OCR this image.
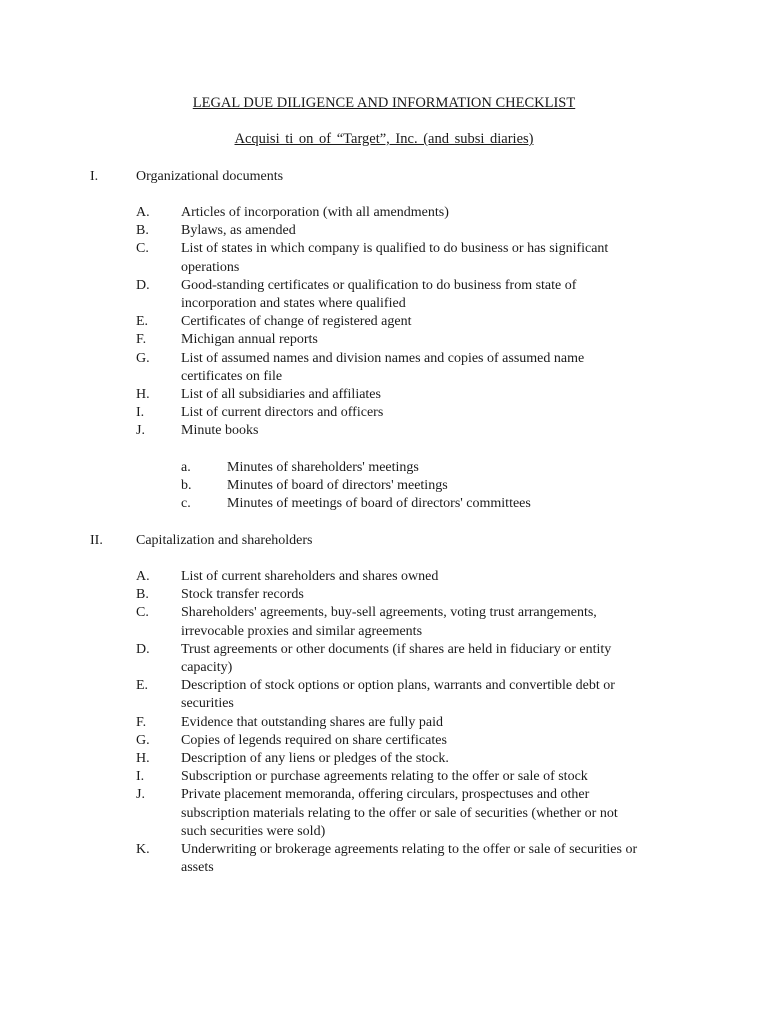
LEGAL DUE DILIGENCE AND INFORMATION CHECKLIST
Acquisi ti on of “Target”, Inc. (and subsi diaries)
I.	Organizational documents
A. Articles of incorporation (with all amendments)
B. Bylaws, as amended
C. List of states in which company is qualified to do business or has significant
operations
D. Good-standing certificates or qualification to do business from state of
incorporation and states where qualified
E. Certificates of change of registered agent
F. Michigan annual reports
G. List of assumed names and division names and copies of assumed name
certificates on file
H. List of all subsidiaries and affiliates
I.	List of current directors and officers
J.	Minute books
a.	Minutes of shareholders' meetings
b.	Minutes of board of directors' meetings
c.	Minutes of meetings of board of directors' committees
II. Capitalization and shareholders
A. List of current shareholders and shares owned
B. Stock transfer records
C. Shareholders' agreements, buy-sell agreements, voting trust arrangements,
irrevocable proxies and similar agreements
D. Trust agreements or other documents (if shares are held in fiduciary or entity
capacity)
E. Description of stock options or option plans, warrants and convertible debt or
securities
F. Evidence that outstanding shares are fully paid
G. Copies of legends required on share certificates
H. Description of any liens or pledges of the stock.
I.	Subscription or purchase agreements relating to the offer or sale of stock
J.	Private placement memoranda, offering circulars, prospectuses and other
subscription materials relating to the offer or sale of securities (whether or not
such securities were sold)
K. Underwriting or brokerage agreements relating to the offer or sale of securities or
assets
